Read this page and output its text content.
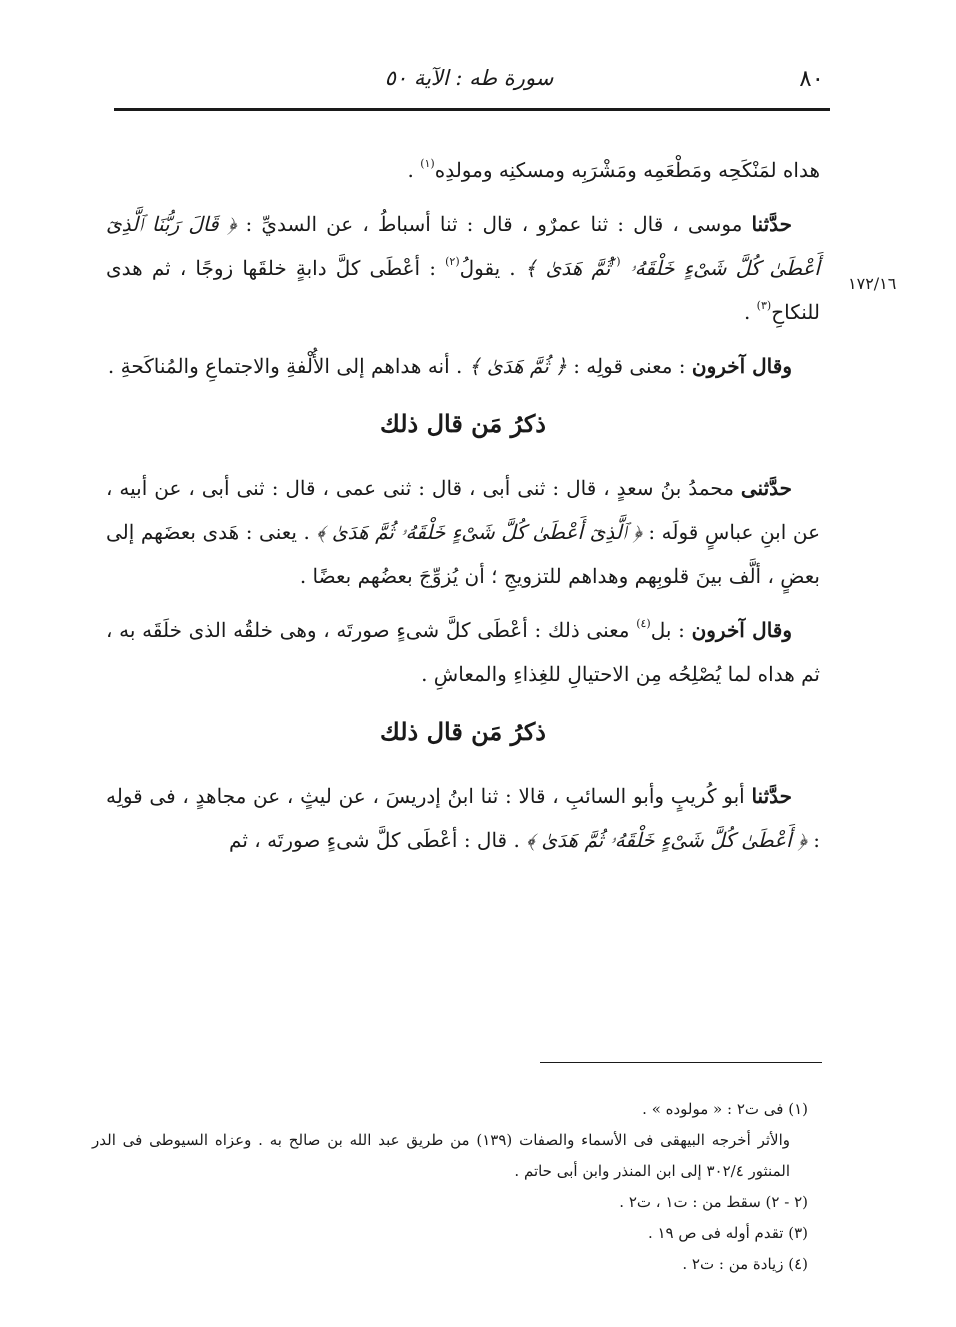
٨٠
سورة طه : الآية ٥٠
١٧٢/١٦

هداه لمَنْكَحِه ومَطْعَمِه ومَشْرَبِه ومسكنِه ومولدِه$^{(١)}$ .

حدَّثنا موسى ، قال : ثنا عمرٌو ، قال : ثنا أسباطُ ، عن السديِّ : ﴿ قَالَ رَبُّنَا ٱلَّذِىٓ أَعْطَىٰ كُلَّ شَىْءٍ خَلْقَهُۥ $^{(٢}$ثُمَّ هَدَىٰ ﴾ . يقولُ$^{(٢)}$ : أعْطَى كلَّ دابةٍ خلقَها زوجًا ، ثم هدى للنكاحِ$^{(٣)}$ .

وقال آخرون : معنى قولِه : ﴿ ثُمَّ هَدَىٰ ﴾ . أنه هداهم إلى الأُلْفةِ والاجتماعِ والمُناكَحةِ .

ذكرُ مَن قال ذلك

حدَّثنى محمدُ بنُ سعدٍ ، قال : ثنى أبى ، قال : ثنى عمى ، قال : ثنى أبى ، عن أبيه ، عن ابنِ عباسٍ قولَه : ﴿ ٱلَّذِىٓ أَعْطَىٰ كُلَّ شَىْءٍ خَلْقَهُۥ ثُمَّ هَدَىٰ ﴾ . يعنى : هَدى بعضَهم إلى بعضٍ ، ألَّف بينَ قلوبِهم وهداهم للتزويجِ ؛ أن يُزوِّجَ بعضُهم بعضًا .

وقال آخرون : بل$^{(٤)}$ معنى ذلك : أعْطَى كلَّ شىءٍ صورتَه ، وهى خلقُه الذى خلَقَه به ، ثم هداه لما يُصْلِحُه مِن الاحتيالِ للغِذاءِ والمعاشِ .

ذكرُ مَن قال ذلك

حدَّثنا أبو كُريبٍ وأبو السائبِ ، قالا : ثنا ابنُ إدريسَ ، عن ليثٍ ، عن مجاهدٍ ، فى قولِه : ﴿ أَعْطَىٰ كُلَّ شَىْءٍ خَلْقَهُۥ ثُمَّ هَدَىٰ ﴾ . قال : أعْطَى كلَّ شىءٍ صورتَه ، ثم

(١) فى ت٢ : « مولوده » .

والأثر أخرجه البيهقى فى الأسماء والصفات (١٣٩) من طريق عبد الله بن صالح به . وعزاه السيوطى فى الدر المنثور ٣٠٢/٤ إلى ابن المنذر وابن أبى حاتم .

(٢ - ٢) سقط من : ت١ ، ت٢ .

(٣) تقدم أوله فى ص ١٩ .

(٤) زيادة من : ت٢ .
